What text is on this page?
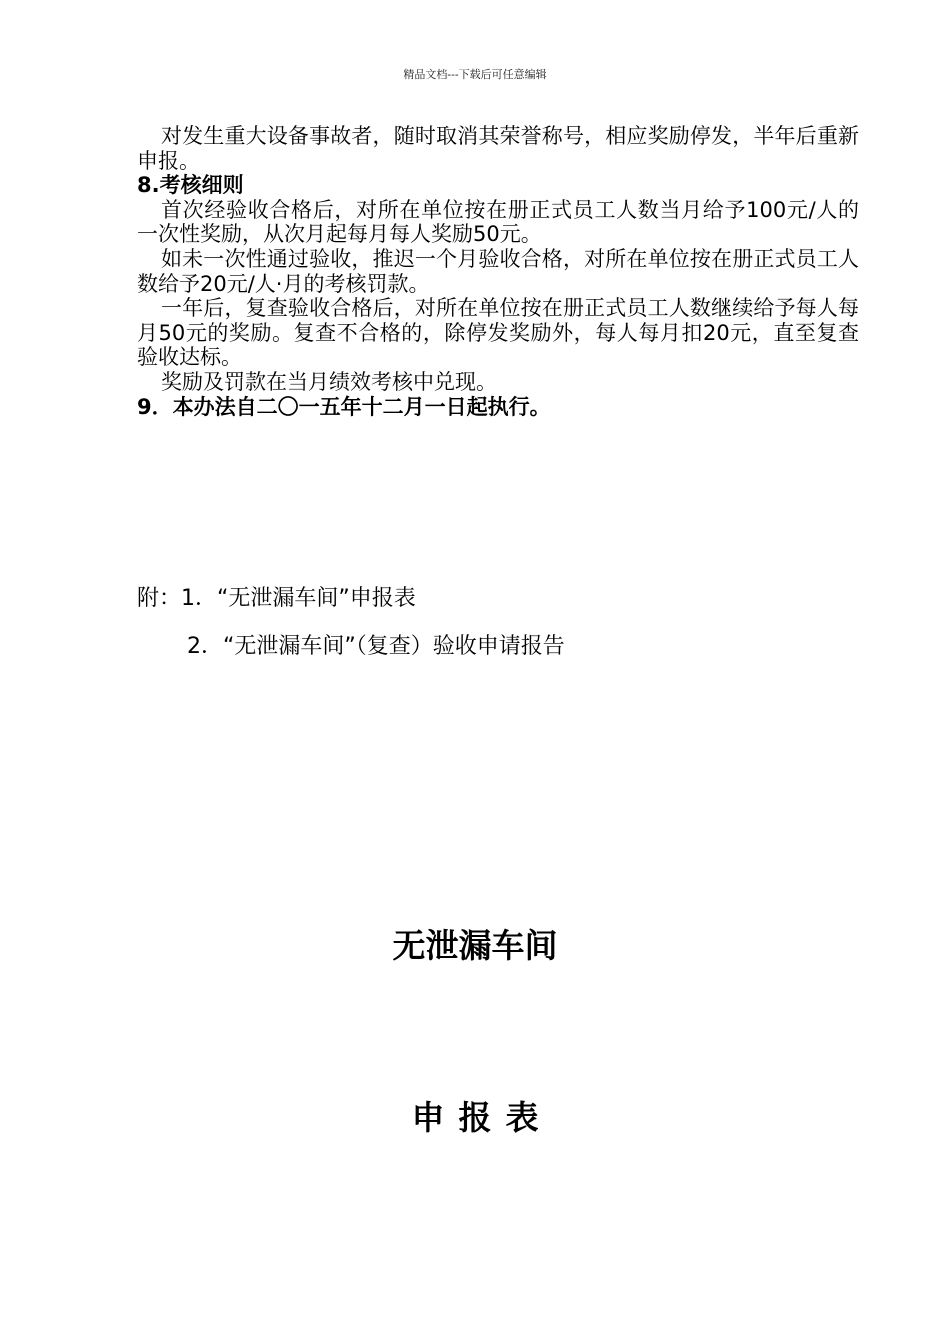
精品文档---下载后可任意编辑

对发生重大设备事故者，随时取消其荣誉称号，相应奖励停发，半年后重新申报。

8.考核细则

首次经验收合格后，对所在单位按在册正式员工人数当月给予100元/人的一次性奖励，从次月起每月每人奖励50元。

如未一次性通过验收，推迟一个月验收合格，对所在单位按在册正式员工人数给予20元/人·月的考核罚款。

一年后，复查验收合格后，对所在单位按在册正式员工人数继续给予每人每月50元的奖励。复查不合格的，除停发奖励外，每人每月扣20元，直至复查验收达标。

奖励及罚款在当月绩效考核中兑现。

9．本办法自二〇一五年十二月一日起执行。

附：1．“无泄漏车间”申报表
2．“无泄漏车间”（复查）验收申请报告
无泄漏车间
申报表
